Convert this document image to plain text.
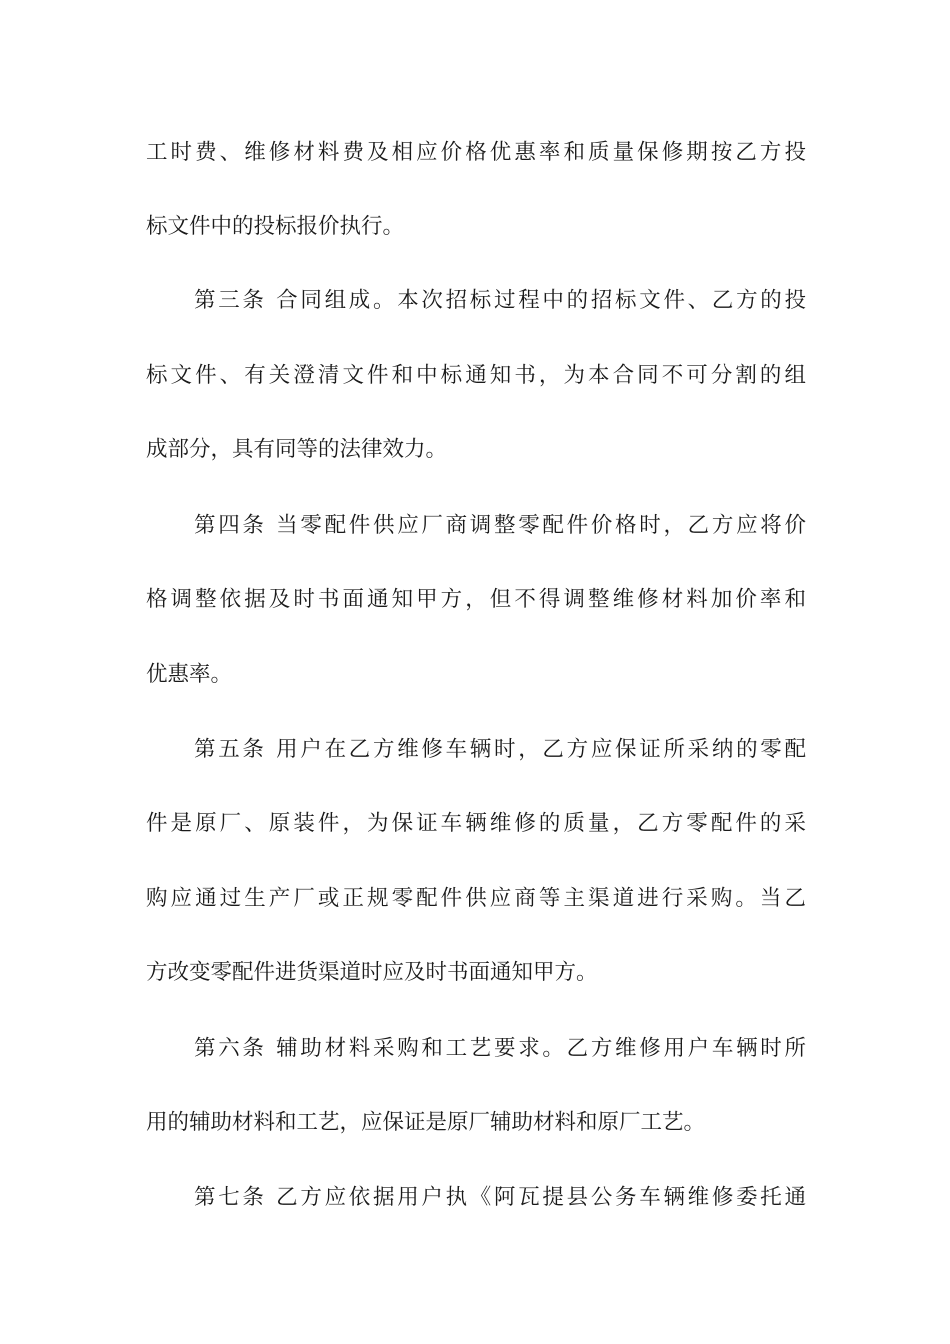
工时费、维修材料费及相应价格优惠率和质量保修期按乙方投
标文件中的投标报价执行。
第三条 合同组成。本次招标过程中的招标文件、乙方的投
标文件、有关澄清文件和中标通知书，为本合同不可分割的组
成部分，具有同等的法律效力。
第四条 当零配件供应厂商调整零配件价格时，乙方应将价
格调整依据及时书面通知甲方，但不得调整维修材料加价率和
优惠率。
第五条 用户在乙方维修车辆时，乙方应保证所采纳的零配
件是原厂、原装件，为保证车辆维修的质量，乙方零配件的采
购应通过生产厂或正规零配件供应商等主渠道进行采购。当乙
方改变零配件进货渠道时应及时书面通知甲方。
第六条 辅助材料采购和工艺要求。乙方维修用户车辆时所
用的辅助材料和工艺，应保证是原厂辅助材料和原厂工艺。
第七条 乙方应依据用户执《阿瓦提县公务车辆维修委托通
